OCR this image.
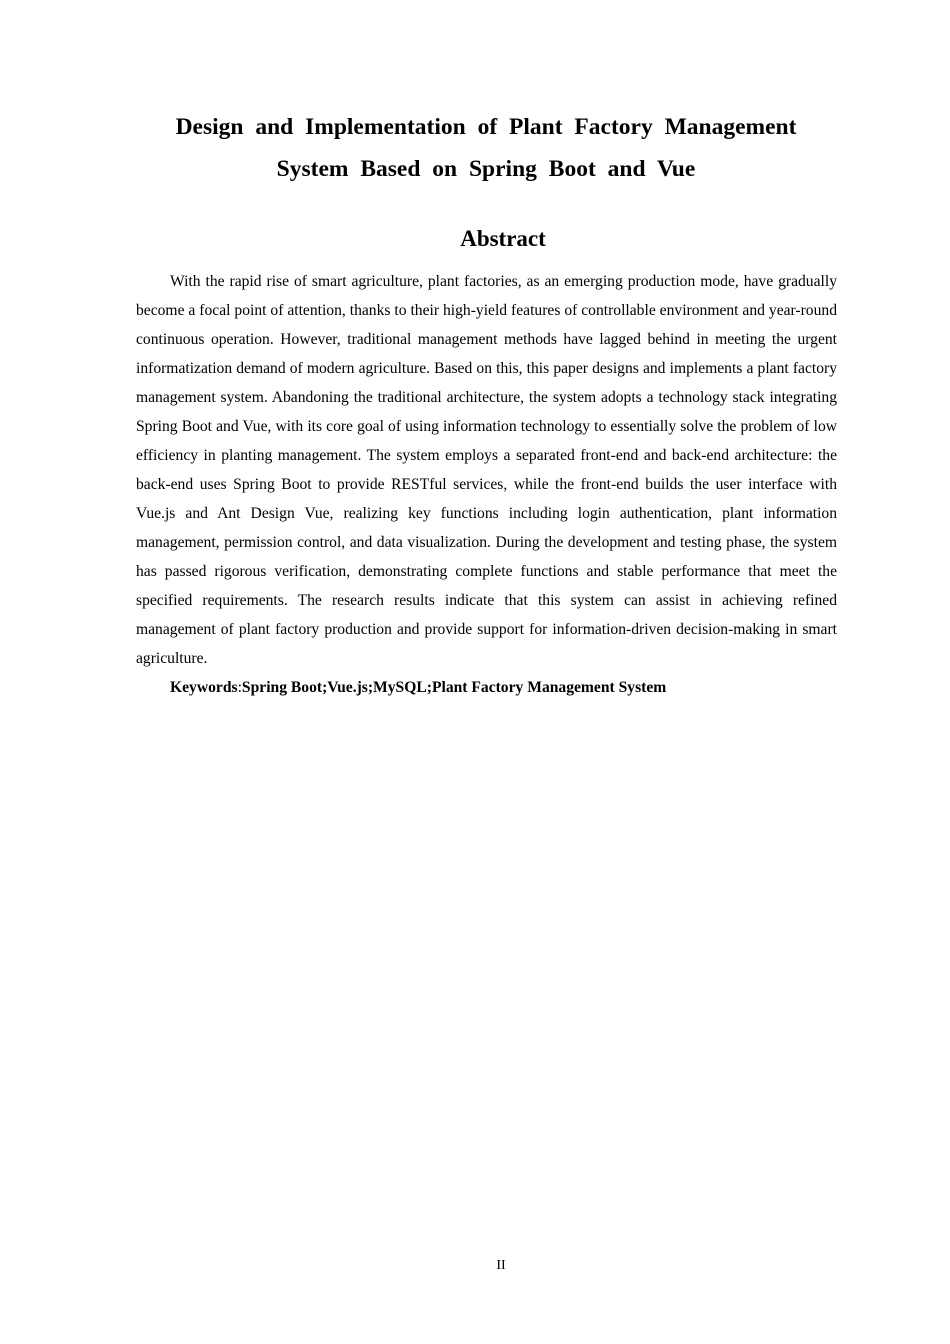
Design and Implementation of Plant Factory Management
System Based on Spring Boot and Vue
Abstract

With the rapid rise of smart agriculture, plant factories, as an emerging production mode, have gradually become a focal point of attention, thanks to their high-yield features of controllable environment and year-round continuous operation. However, traditional management methods have lagged behind in meeting the urgent informatization demand of modern agriculture. Based on this, this paper designs and implements a plant factory management system. Abandoning the traditional architecture, the system adopts a technology stack integrating Spring Boot and Vue, with its core goal of using information technology to essentially solve the problem of low efficiency in planting management. The system employs a separated front-end and back-end architecture: the back-end uses Spring Boot to provide RESTful services, while the front-end builds the user interface with Vue.js and Ant Design Vue, realizing key functions including login authentication, plant information management, permission control, and data visualization. During the development and testing phase, the system has passed rigorous verification, demonstrating complete functions and stable performance that meet the specified requirements. The research results indicate that this system can assist in achieving refined management of plant factory production and provide support for information-driven decision-making in smart agriculture.

Keywords:Spring Boot;Vue.js;MySQL;Plant Factory Management System

II
